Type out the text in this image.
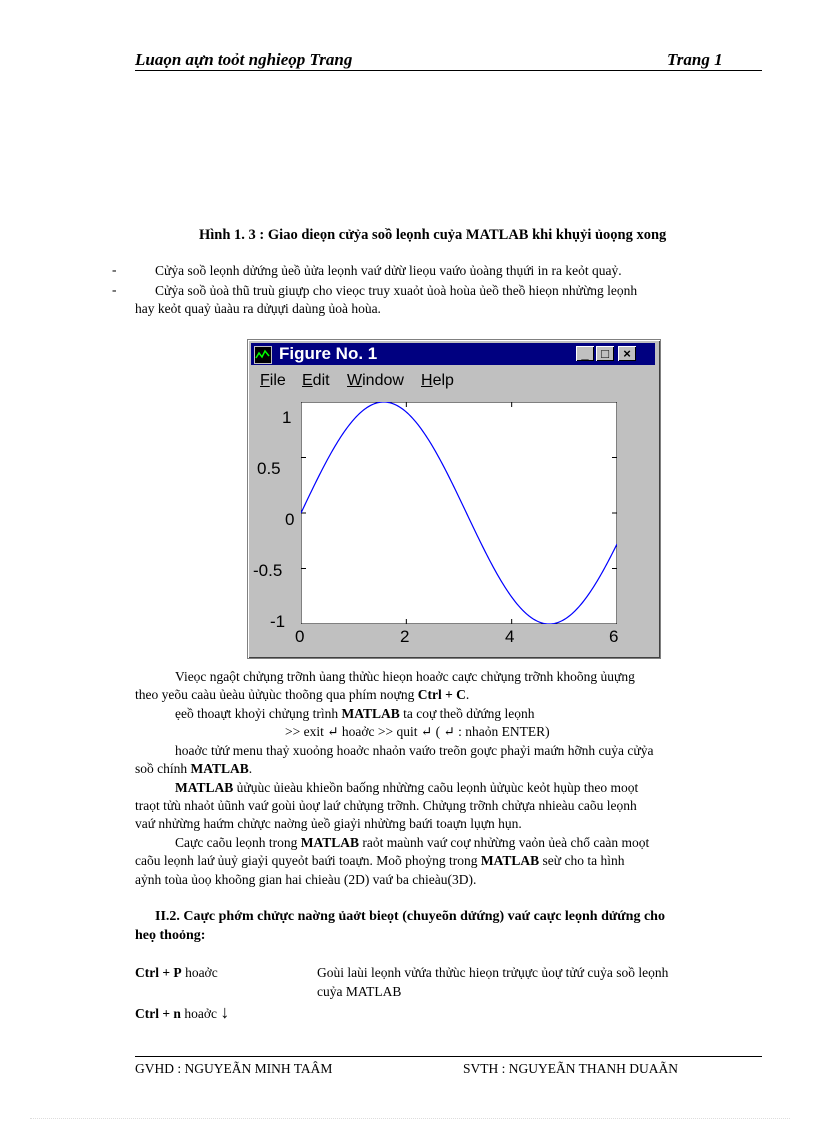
Luaọn aựn toỏt nghieọp Trang	Trang 1
Hình 1. 3 : Giao dieọn cửỷa soồ leọnh cuỷa MATLAB khi khụỷi ủoọng xong
-	Cửỷa soồ leọnh dửứng ủeồ ủửa leọnh vaứ dửừ lieọu vaứo ủoàng thụứi in ra keỏt quaỷ.
-	Cửỷa soồ ủoà thũ truù giuựp cho vieọc truy xuaỏt ủoà hoùa ủeồ theồ hieọn nhửừng leọnh
hay keỏt quaỷ ủaàu ra dửụựi daùng ủoà hoùa.
Figure No. 1	_ □	×
File Edit Window Help
1
0.5
0
-0.5
-1
0	2	4	6
Vieọc ngaột chửụng trỡnh ủang thửùc hieọn hoaởc caực chửụng trỡnh khoõng ủuựng
theo yeõu caàu ủeàu ủửụùc thoõng qua phím noựng Ctrl + C.
ẹeồ thoaựt khoỷi chửụng trình MATLAB ta coự theồ dửứng leọnh
>> exit ↵ hoaởc >> quit ↵ ( ↵ : nhaỏn ENTER)
hoaởc tửứ menu thaỷ xuoỏng hoaởc nhaỏn vaứo treõn goực phaỷi maứn hỡnh cuỷa cửỷa
soồ chính MATLAB.
MATLAB ủửụùc ủieàu khieồn baống nhửừng caõu leọnh ủửụùc keỏt hụùp theo moọt
traọt tửù nhaỏt ủũnh vaứ goùi ủoự laứ chửụng trỡnh. Chửụng trỡnh chửựa nhieàu caõu leọnh
vaứ nhửừng haứm chửực naờng ủeồ giaỷi nhửừng baứi toaựn lụựn hụn.
Caực caõu leọnh trong MATLAB raỏt maùnh vaứ coự nhửừng vaỏn ủeà chổ caàn moọt
caõu leọnh laứ ủuỷ giaỷi quyeỏt baứi toaựn. Moõ phoỷng trong MATLAB seừ cho ta hình
aỷnh toùa ủoọ khoõng gian hai chieàu (2D) vaứ ba chieàu(3D).
II.2. Caực phớm chửực naờng ủaởt bieọt (chuyeõn dửứng) vaứ caực leọnh dửứng cho
heọ thoỏng:
Ctrl + P hoaởc	Goùi laùi leọnh vửứa thửùc hieọn trửụực ủoự tửứ cuỷa soồ leọnh
cuỷa MATLAB
Ctrl + n hoaởc ↓
GVHD : NGUYEÃN MINH TAÂM	SVTH : NGUYEÃN THANH DUAÃN
